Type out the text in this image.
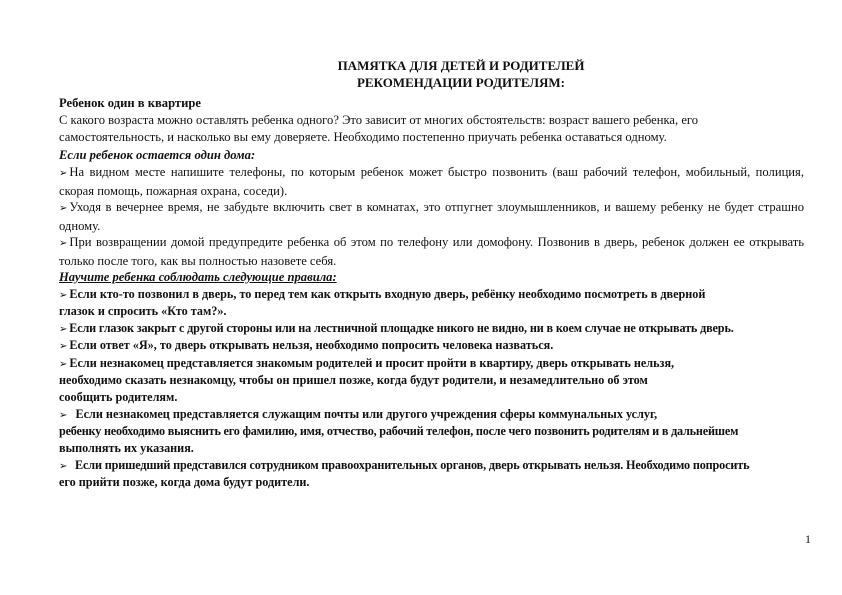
ПАМЯТКА ДЛЯ ДЕТЕЙ И РОДИТЕЛЕЙ
РЕКОМЕНДАЦИИ РОДИТЕЛЯМ:
Ребенок один в квартире
С какого возраста можно оставлять ребенка одного? Это зависит от многих обстоятельств: возраст вашего ребенка, его
самостоятельность, и насколько вы ему доверяете. Необходимо постепенно приучать ребенка оставаться одному.
Если ребенок остается один дома:
➢ На видном месте напишите телефоны, по которым ребенок может быстро позвонить (ваш рабочий телефон, мобильный, полиция, скорая помощь, пожарная охрана, соседи).
➢ Уходя в вечернее время, не забудьте включить свет в комнатах, это отпугнет злоумышленников, и вашему ребенку не будет страшно одному.
➢ При возвращении домой предупредите ребенка об этом по телефону или домофону. Позвонив в дверь, ребенок должен ее открывать только после того, как вы полностью назовете себя.
Научите ребенка соблюдать следующие правила:
➢ Если кто-то позвонил в дверь, то перед тем как открыть входную дверь, ребёнку необходимо посмотреть в дверной
глазок и спросить «Кто там?».
➢ Если глазок закрыт с другой стороны или на лестничной площадке никого не видно, ни в коем случае не открывать дверь.
➢ Если ответ «Я», то дверь открывать нельзя, необходимо попросить человека назваться.
➢ Если незнакомец представляется знакомым родителей и просит пройти в квартиру, дверь открывать нельзя,
необходимо сказать незнакомцу, чтобы он пришел позже, когда будут родители, и незамедлительно об этом
сообщить родителям.
➢ Если незнакомец представляется служащим почты или другого учреждения сферы коммунальных услуг,
ребенку необходимо выяснить его фамилию, имя, отчество, рабочий телефон, после чего позвонить родителям и в дальнейшем
выполнять их указания.
➢ Если пришедший представился сотрудником правоохранительных органов, дверь открывать нельзя. Необходимо попросить
его прийти позже, когда дома будут родители.
1
